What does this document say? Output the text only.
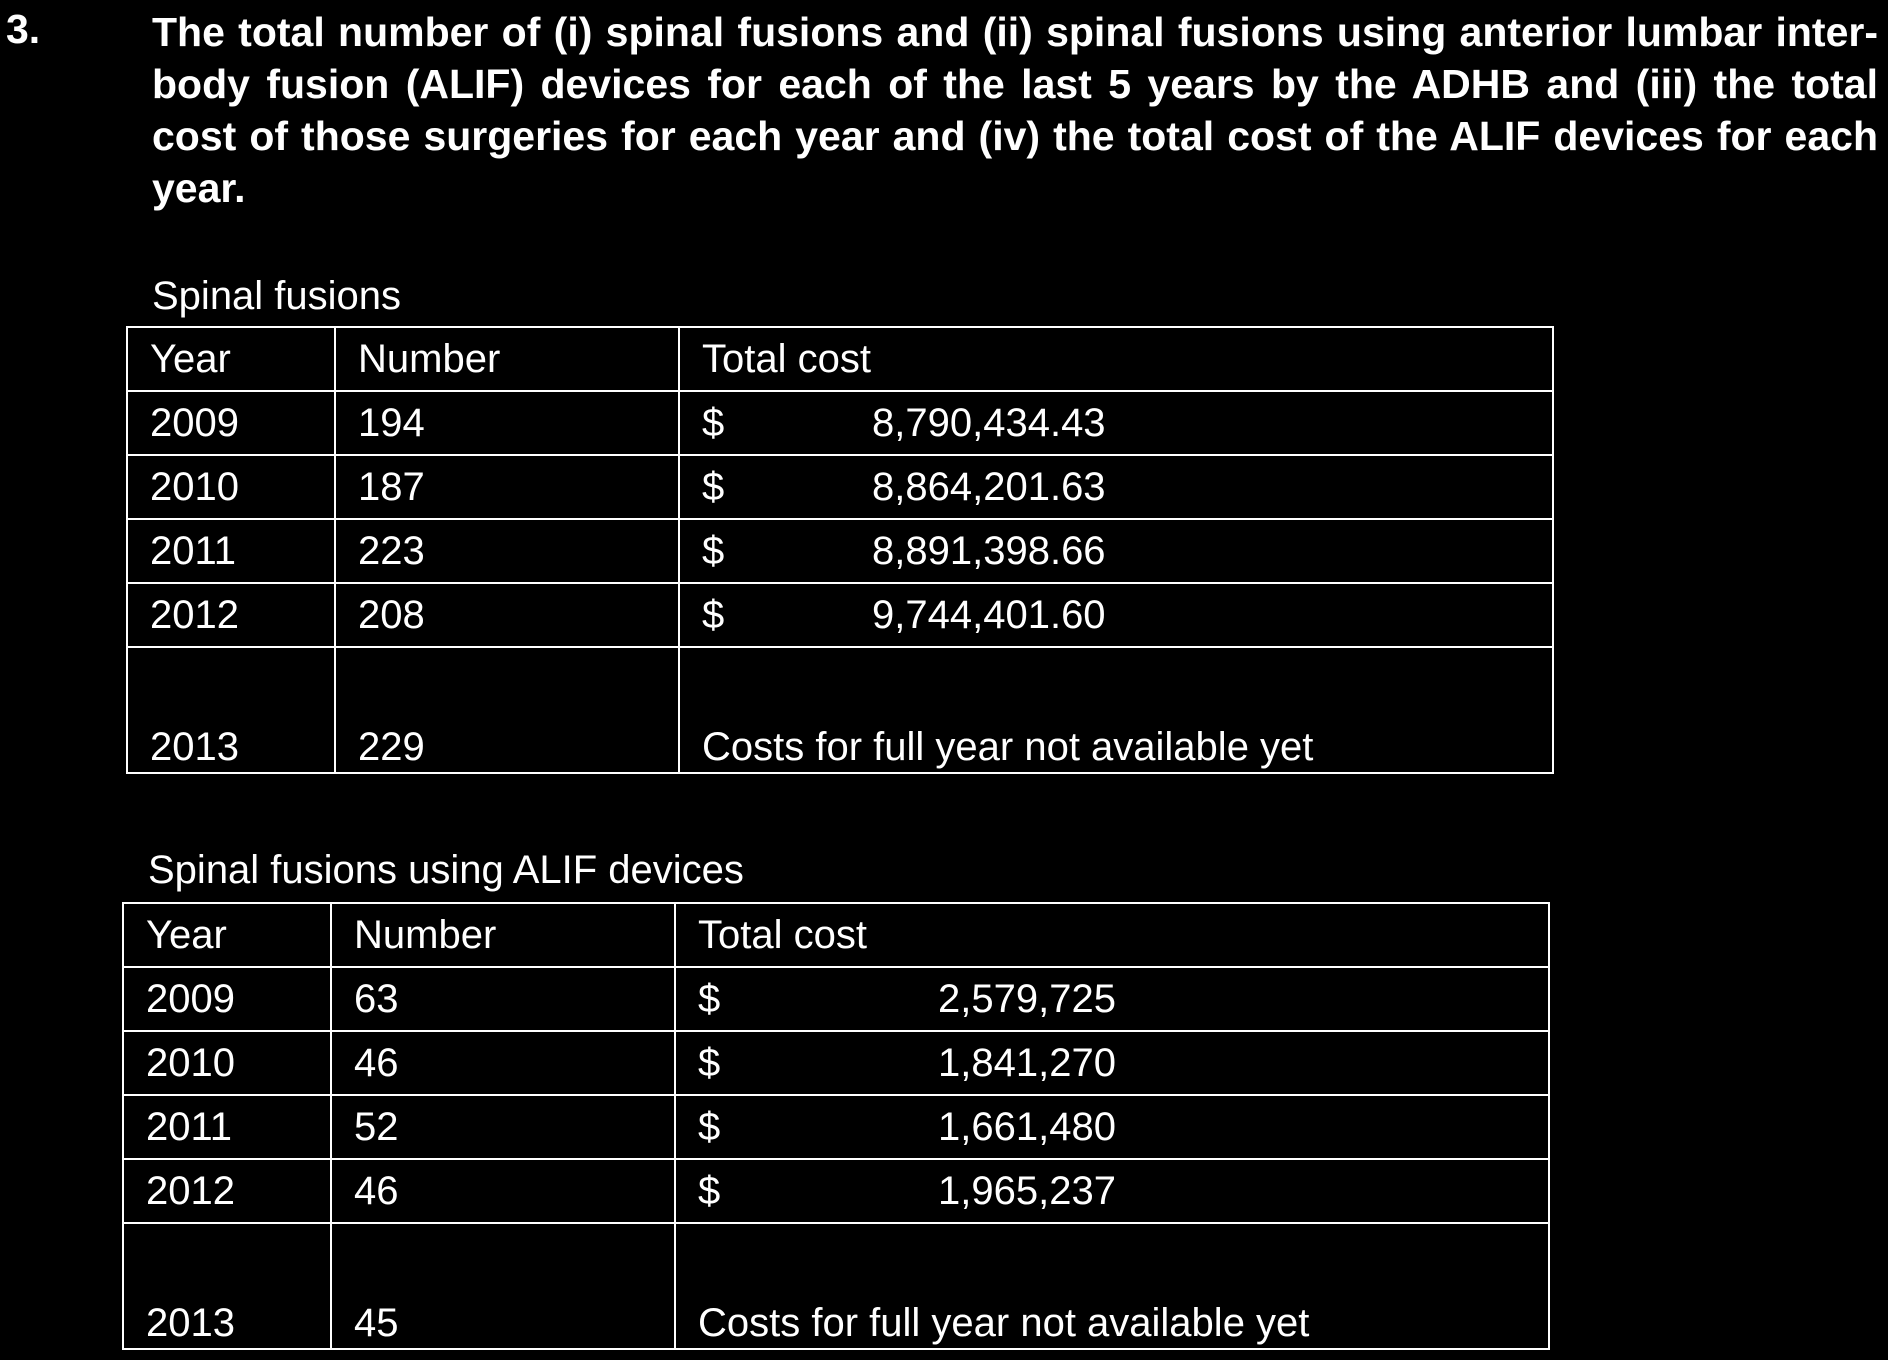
3.	The total number of (i) spinal fusions and (ii) spinal fusions using anterior lumbar inter-body fusion (ALIF) devices for each of the last 5 years by the ADHB and (iii) the total cost of those surgeries for each year and (iv) the total cost of the ALIF devices for each year.

Spinal fusions
Year	Number	Total cost
2009	194	$ 8,790,434.43
2010	187	$ 8,864,201.63
2011	223	$ 8,891,398.66
2012	208	$ 9,744,401.60
2013	229	Costs for full year not available yet
Spinal fusions using ALIF devices
Year	Number	Total cost
2009	63	$ 2,579,725
2010	46	$ 1,841,270
2011	52	$ 1,661,480
2012	46	$ 1,965,237
2013	45	Costs for full year not available yet
